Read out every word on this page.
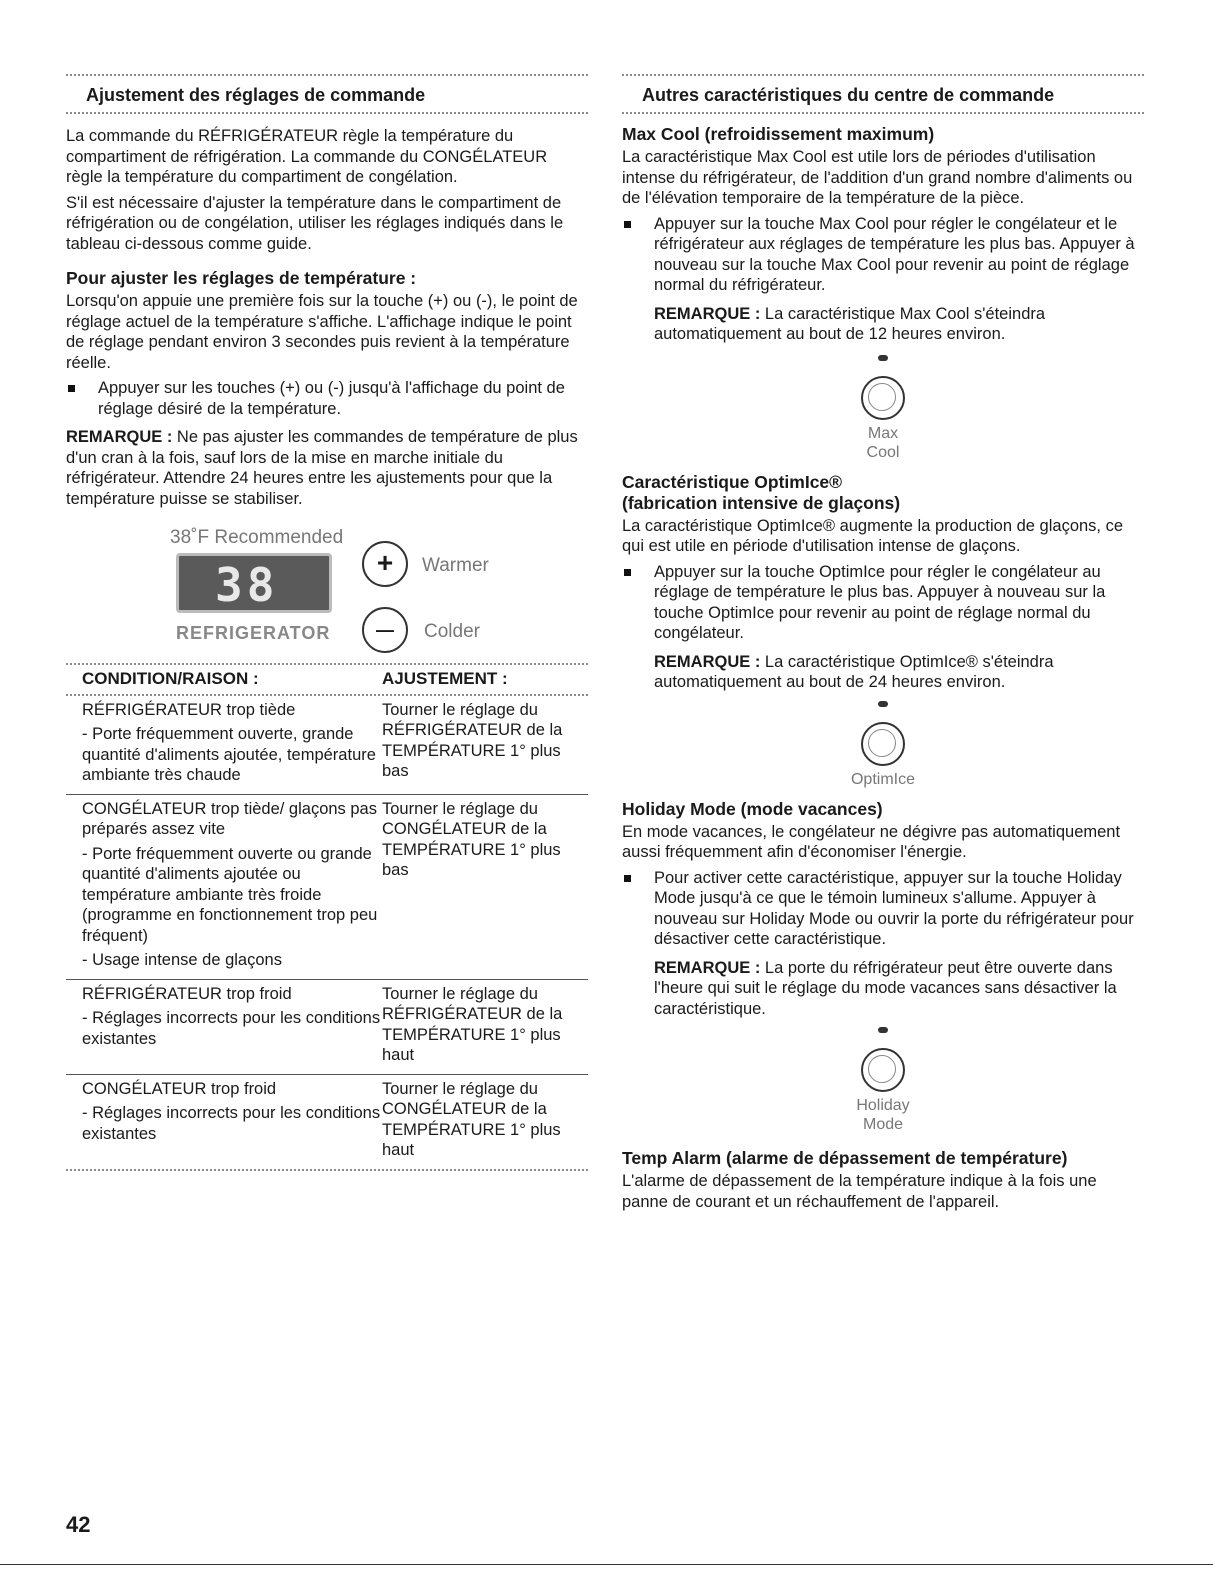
Ajustement des réglages de commande

La commande du RÉFRIGÉRATEUR règle la température du compartiment de réfrigération. La commande du CONGÉLATEUR règle la température du compartiment de congélation.

S'il est nécessaire d'ajuster la température dans le compartiment de réfrigération ou de congélation, utiliser les réglages indiqués dans le tableau ci-dessous comme guide.

Pour ajuster les réglages de température :

Lorsqu'on appuie une première fois sur la touche (+) ou (-), le point de réglage actuel de la température s'affiche. L'affichage indique le point de réglage pendant environ 3 secondes puis revient à la température réelle.

Appuyer sur les touches (+) ou (-) jusqu'à l'affichage du point de réglage désiré de la température.

REMARQUE : Ne pas ajuster les commandes de température de plus d'un cran à la fois, sauf lors de la mise en marche initiale du réfrigérateur. Attendre 24 heures entre les ajustements pour que la température puisse se stabiliser.

38˚F Recommended
38
REFRIGERATOR
+
—
Warmer
Colder
CONDITION/RAISON :	AJUSTEMENT :

RÉFRIGÉRATEUR trop tiède
- Porte fréquemment ouverte, grande quantité d'aliments ajoutée, température ambiante très chaude	Tourner le réglage du RÉFRIGÉRATEUR de la TEMPÉRATURE 1° plus bas

CONGÉLATEUR trop tiède/ glaçons pas préparés assez vite
- Porte fréquemment ouverte ou grande quantité d'aliments ajoutée ou température ambiante très froide (programme en fonctionnement trop peu fréquent)
- Usage intense de glaçons	Tourner le réglage du CONGÉLATEUR de la TEMPÉRATURE 1° plus bas

RÉFRIGÉRATEUR trop froid
- Réglages incorrects pour les conditions existantes	Tourner le réglage du RÉFRIGÉRATEUR de la TEMPÉRATURE 1° plus haut

CONGÉLATEUR trop froid
- Réglages incorrects pour les conditions existantes	Tourner le réglage du CONGÉLATEUR de la TEMPÉRATURE 1° plus haut
Autres caractéristiques du centre de commande
Max Cool (refroidissement maximum)

La caractéristique Max Cool est utile lors de périodes d'utilisation intense du réfrigérateur, de l'addition d'un grand nombre d'aliments ou de l'élévation temporaire de la température de la pièce.

Appuyer sur la touche Max Cool pour régler le congélateur et le réfrigérateur aux réglages de température les plus bas. Appuyer à nouveau sur la touche Max Cool pour revenir au point de réglage normal du réfrigérateur.
REMARQUE : La caractéristique Max Cool s'éteindra automatiquement au bout de 12 heures environ.
Max
Cool
Caractéristique OptimIce®
(fabrication intensive de glaçons)

La caractéristique OptimIce® augmente la production de glaçons, ce qui est utile en période d'utilisation intense de glaçons.

Appuyer sur la touche OptimIce pour régler le congélateur au réglage de température le plus bas. Appuyer à nouveau sur la touche OptimIce pour revenir au point de réglage normal du congélateur.
REMARQUE : La caractéristique OptimIce® s'éteindra automatiquement au bout de 24 heures environ.
OptimIce
Holiday Mode (mode vacances)

En mode vacances, le congélateur ne dégivre pas automatiquement aussi fréquemment afin d'économiser l'énergie.

Pour activer cette caractéristique, appuyer sur la touche Holiday Mode jusqu'à ce que le témoin lumineux s'allume. Appuyer à nouveau sur Holiday Mode ou ouvrir la porte du réfrigérateur pour désactiver cette caractéristique.
REMARQUE : La porte du réfrigérateur peut être ouverte dans l'heure qui suit le réglage du mode vacances sans désactiver la caractéristique.
Holiday
Mode
Temp Alarm (alarme de dépassement de température)

L'alarme de dépassement de la température indique à la fois une panne de courant et un réchauffement de l'appareil.

42
